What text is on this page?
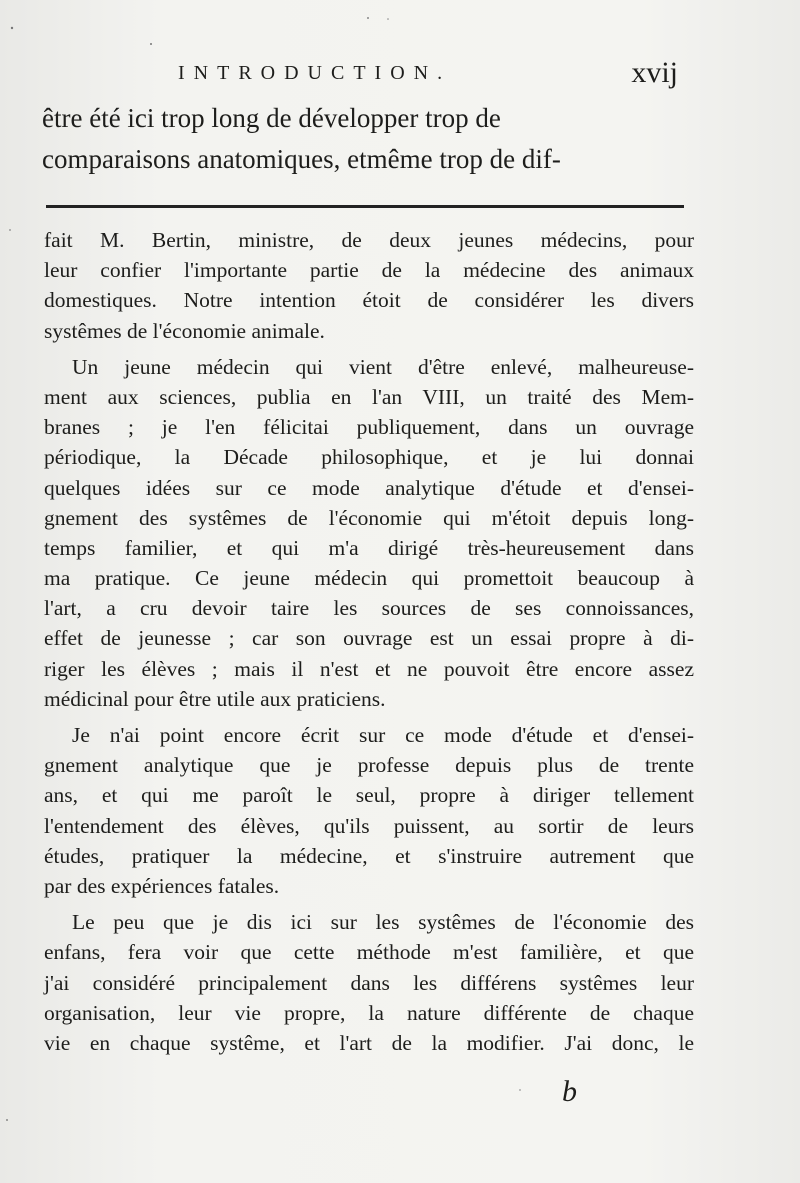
INTRODUCTION.	xvij
être été ici trop long de développer trop de
comparaisons anatomiques, etmême trop de dif-
fait M. Bertin, ministre, de deux jeunes médecins, pour
leur confier l'importante partie de la médecine des animaux
domestiques. Notre intention étoit de considérer les divers
systêmes de l'économie animale.
Un jeune médecin qui vient d'être enlevé, malheureuse-
ment aux sciences, publia en l'an VIII, un traité des Mem-
branes ; je l'en félicitai publiquement, dans un ouvrage
périodique, la Décade philosophique, et je lui donnai
quelques idées sur ce mode analytique d'étude et d'ensei-
gnement des systêmes de l'économie qui m'étoit depuis long-
temps familier, et qui m'a dirigé très-heureusement dans
ma pratique. Ce jeune médecin qui promettoit beaucoup à
l'art, a cru devoir taire les sources de ses connoissances,
effet de jeunesse ; car son ouvrage est un essai propre à di-
riger les élèves ; mais il n'est et ne pouvoit être encore assez
médicinal pour être utile aux praticiens.
Je n'ai point encore écrit sur ce mode d'étude et d'ensei-
gnement analytique que je professe depuis plus de trente
ans, et qui me paroît le seul, propre à diriger tellement
l'entendement des élèves, qu'ils puissent, au sortir de leurs
études, pratiquer la médecine, et s'instruire autrement que
par des expériences fatales.
Le peu que je dis ici sur les systêmes de l'économie des
enfans, fera voir que cette méthode m'est familière, et que
j'ai considéré principalement dans les différens systêmes leur
organisation, leur vie propre, la nature différente de chaque
vie en chaque systême, et l'art de la modifier. J'ai donc, le
b
